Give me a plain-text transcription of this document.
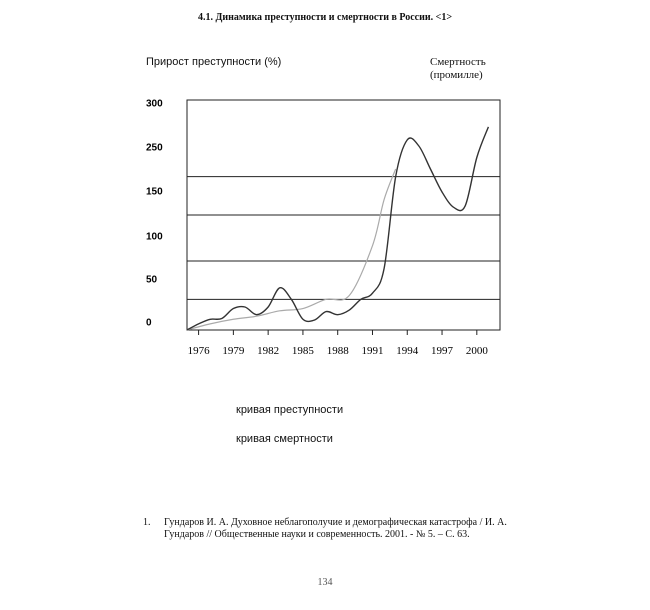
4.1. Динамика преступности и смертности в России. <1>
Прирост преступности (%)	Смертность
(промилле)
300
250
150
100
50
0
1976 1979 1982 1985 1988 1991 1994 1997 2000
кривая преступности
кривая смертности
1. Гундаров И. А. Духовное неблагополучие и демографическая катастрофа / И. А. Гундаров // Общественные науки и современность. 2001. - № 5. – С. 63.
134
